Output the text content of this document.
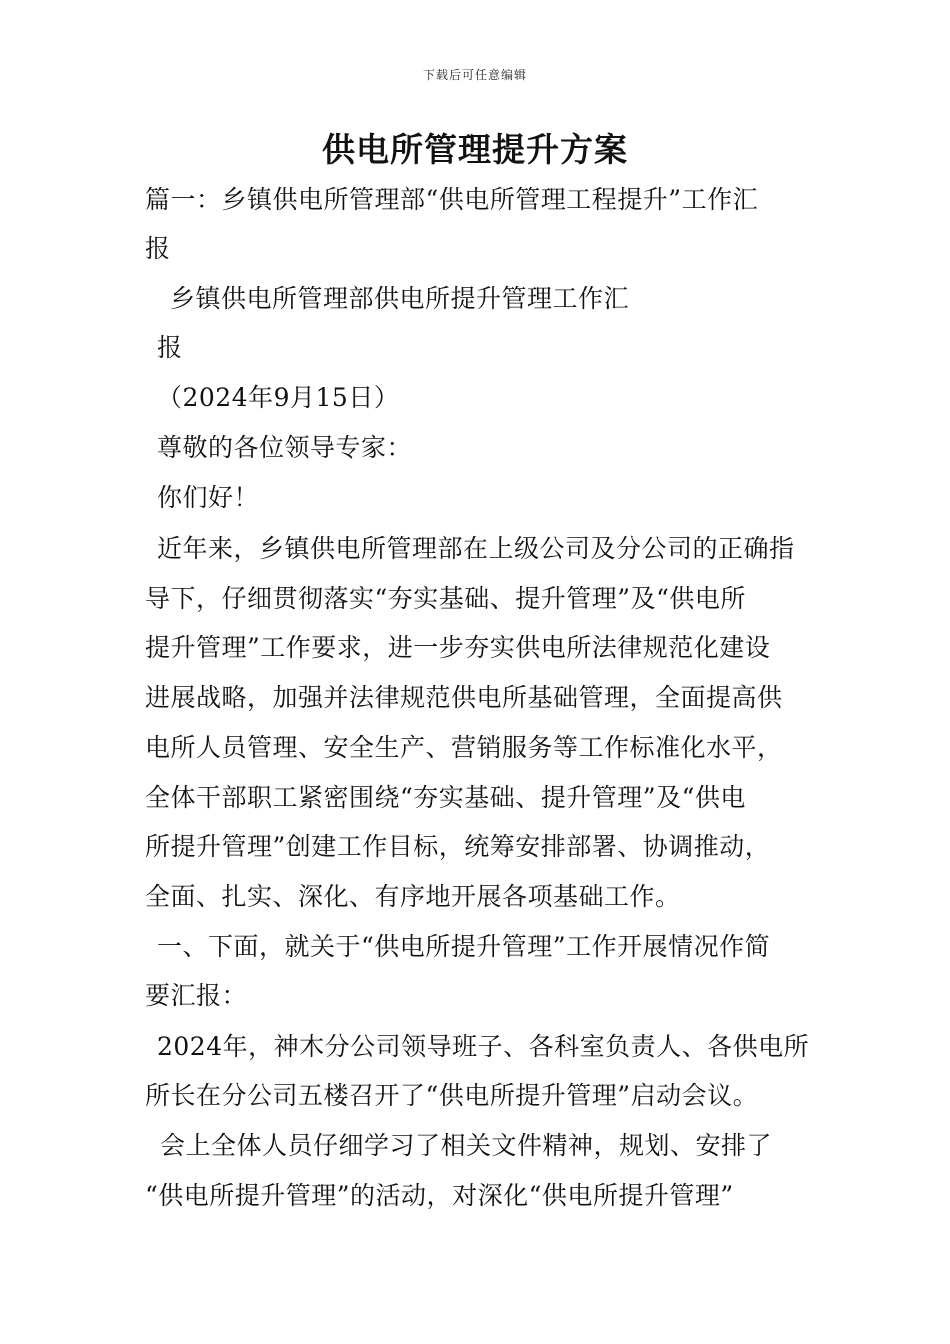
下载后可任意编辑
供电所管理提升方案
篇一：乡镇供电所管理部“供电所管理工程提升”工作汇
报
乡镇供电所管理部供电所提升管理工作汇
报
（2024年9月15日）
尊敬的各位领导专家：
你们好！
近年来，乡镇供电所管理部在上级公司及分公司的正确指
导下，仔细贯彻落实“夯实基础、提升管理”及“供电所
提升管理”工作要求，进一步夯实供电所法律规范化建设
进展战略，加强并法律规范供电所基础管理，全面提高供
电所人员管理、安全生产、营销服务等工作标准化水平，
全体干部职工紧密围绕“夯实基础、提升管理”及“供电
所提升管理”创建工作目标，统筹安排部署、协调推动，
全面、扎实、深化、有序地开展各项基础工作。
一、下面，就关于“供电所提升管理”工作开展情况作简
要汇报：
2024年，神木分公司领导班子、各科室负责人、各供电所
所长在分公司五楼召开了“供电所提升管理”启动会议。
会上全体人员仔细学习了相关文件精神，规划、安排了
“供电所提升管理”的活动，对深化“供电所提升管理”
